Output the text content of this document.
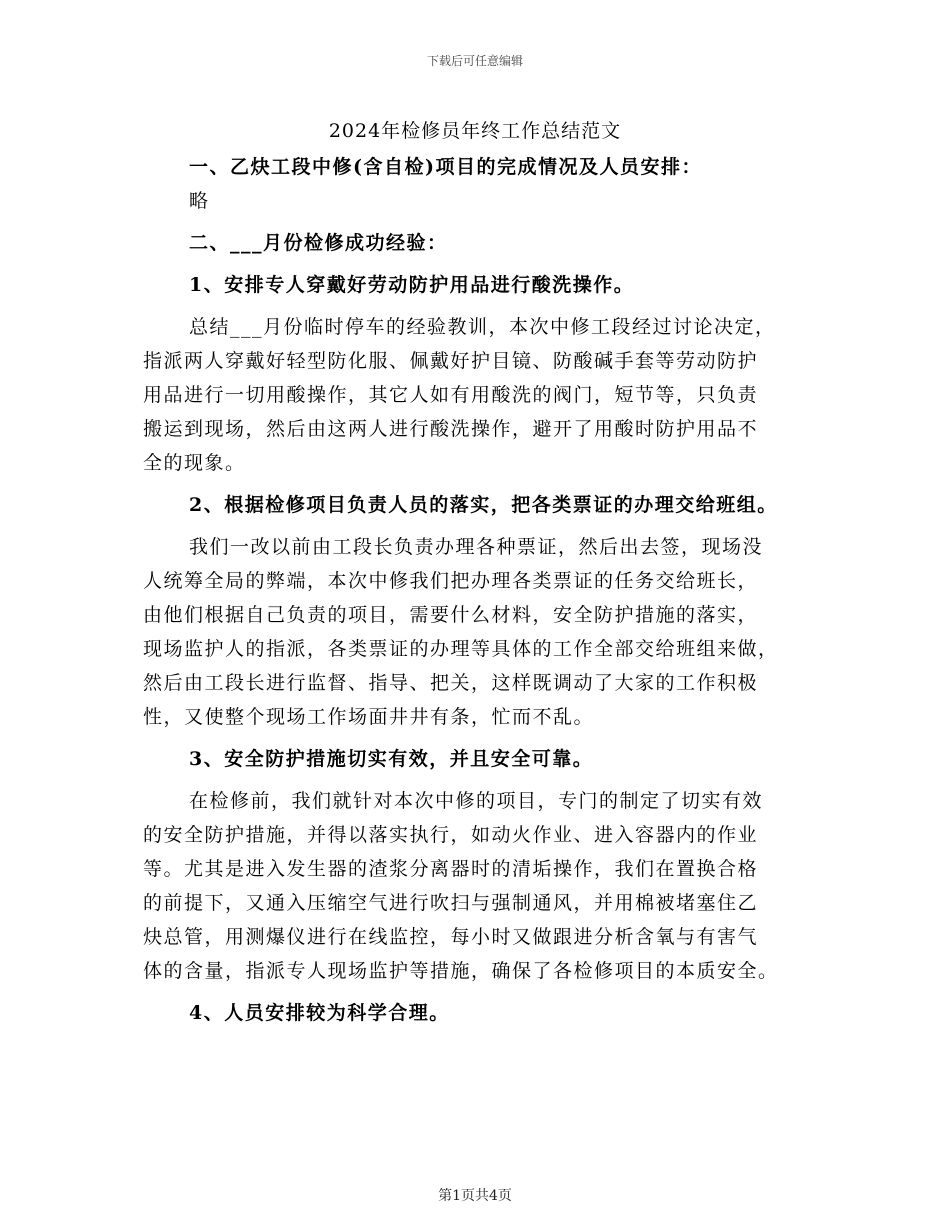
下载后可任意编辑
2024年检修员年终工作总结范文
一、乙炔工段中修(含自检)项目的完成情况及人员安排：
略
二、___月份检修成功经验：
1、安排专人穿戴好劳动防护用品进行酸洗操作。
总结___月份临时停车的经验教训，本次中修工段经过讨论决定，
指派两人穿戴好轻型防化服、佩戴好护目镜、防酸碱手套等劳动防护
用品进行一切用酸操作，其它人如有用酸洗的阀门，短节等，只负责
搬运到现场，然后由这两人进行酸洗操作，避开了用酸时防护用品不
全的现象。
2、根据检修项目负责人员的落实，把各类票证的办理交给班组。
我们一改以前由工段长负责办理各种票证，然后出去签，现场没
人统筹全局的弊端，本次中修我们把办理各类票证的任务交给班长，
由他们根据自己负责的项目，需要什么材料，安全防护措施的落实，
现场监护人的指派，各类票证的办理等具体的工作全部交给班组来做，
然后由工段长进行监督、指导、把关，这样既调动了大家的工作积极
性，又使整个现场工作场面井井有条，忙而不乱。
3、安全防护措施切实有效，并且安全可靠。
在检修前，我们就针对本次中修的项目，专门的制定了切实有效
的安全防护措施，并得以落实执行，如动火作业、进入容器内的作业
等。尤其是进入发生器的渣浆分离器时的清垢操作，我们在置换合格
的前提下，又通入压缩空气进行吹扫与强制通风，并用棉被堵塞住乙
炔总管，用测爆仪进行在线监控，每小时又做跟进分析含氧与有害气
体的含量，指派专人现场监护等措施，确保了各检修项目的本质安全。
4、人员安排较为科学合理。
第1页共4页
